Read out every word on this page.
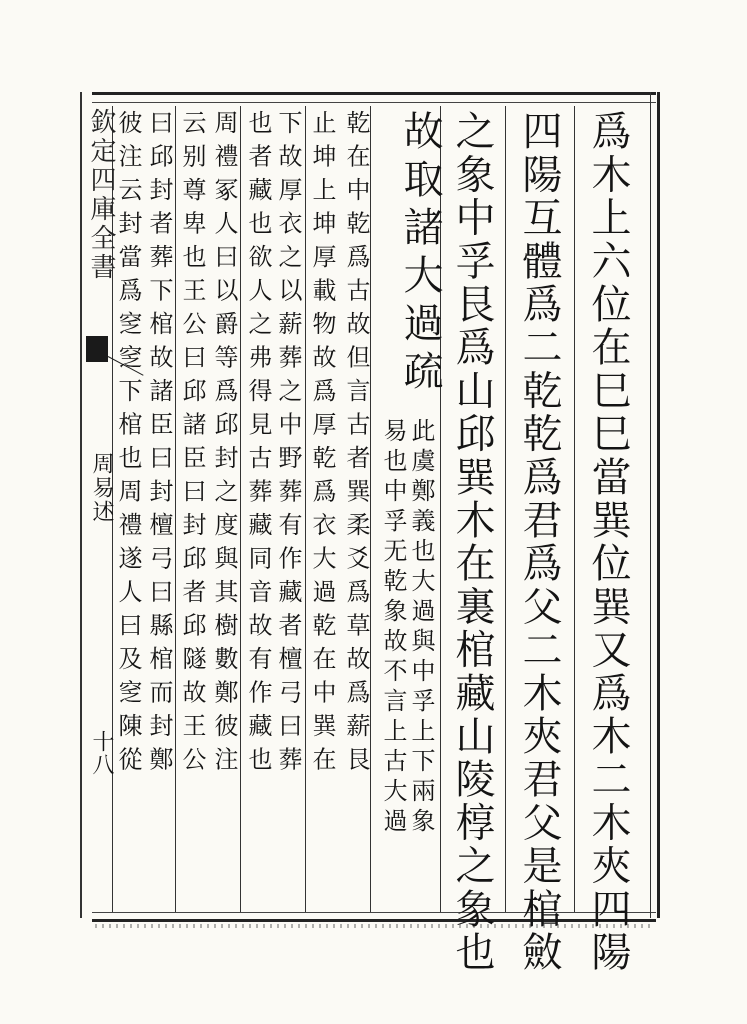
欽定四庫全書
周易述
十八	爲木上六位在巳巳當巽位巽又爲木二木夾四陽
四陽互體爲二乾乾爲君爲父二木夾君父是棺斂
之象中孚艮爲山邱巽木在裏棺藏山陵椁之象也
故取諸大過疏
此虞鄭義也大過與中孚上下兩象
易也中孚无乾象故不言上古大過
乾在中乾爲古故但言古者巽柔爻爲草故爲薪艮
止坤上坤厚載物故爲厚乾爲衣大過乾在中巽在
下故厚衣之以薪葬之中野葬有作藏者檀弓曰葬
也者藏也欲人之弗得見古葬藏同音故有作藏也
周禮冢人曰以爵等爲邱封之度與其樹數鄭彼注
云别尊卑也王公曰邱諸臣曰封邱者邱隧故王公
曰邱封者葬下棺故諸臣曰封檀弓曰縣棺而封鄭
彼注云封當爲窆窆下棺也周禮遂人曰及窆陳從
